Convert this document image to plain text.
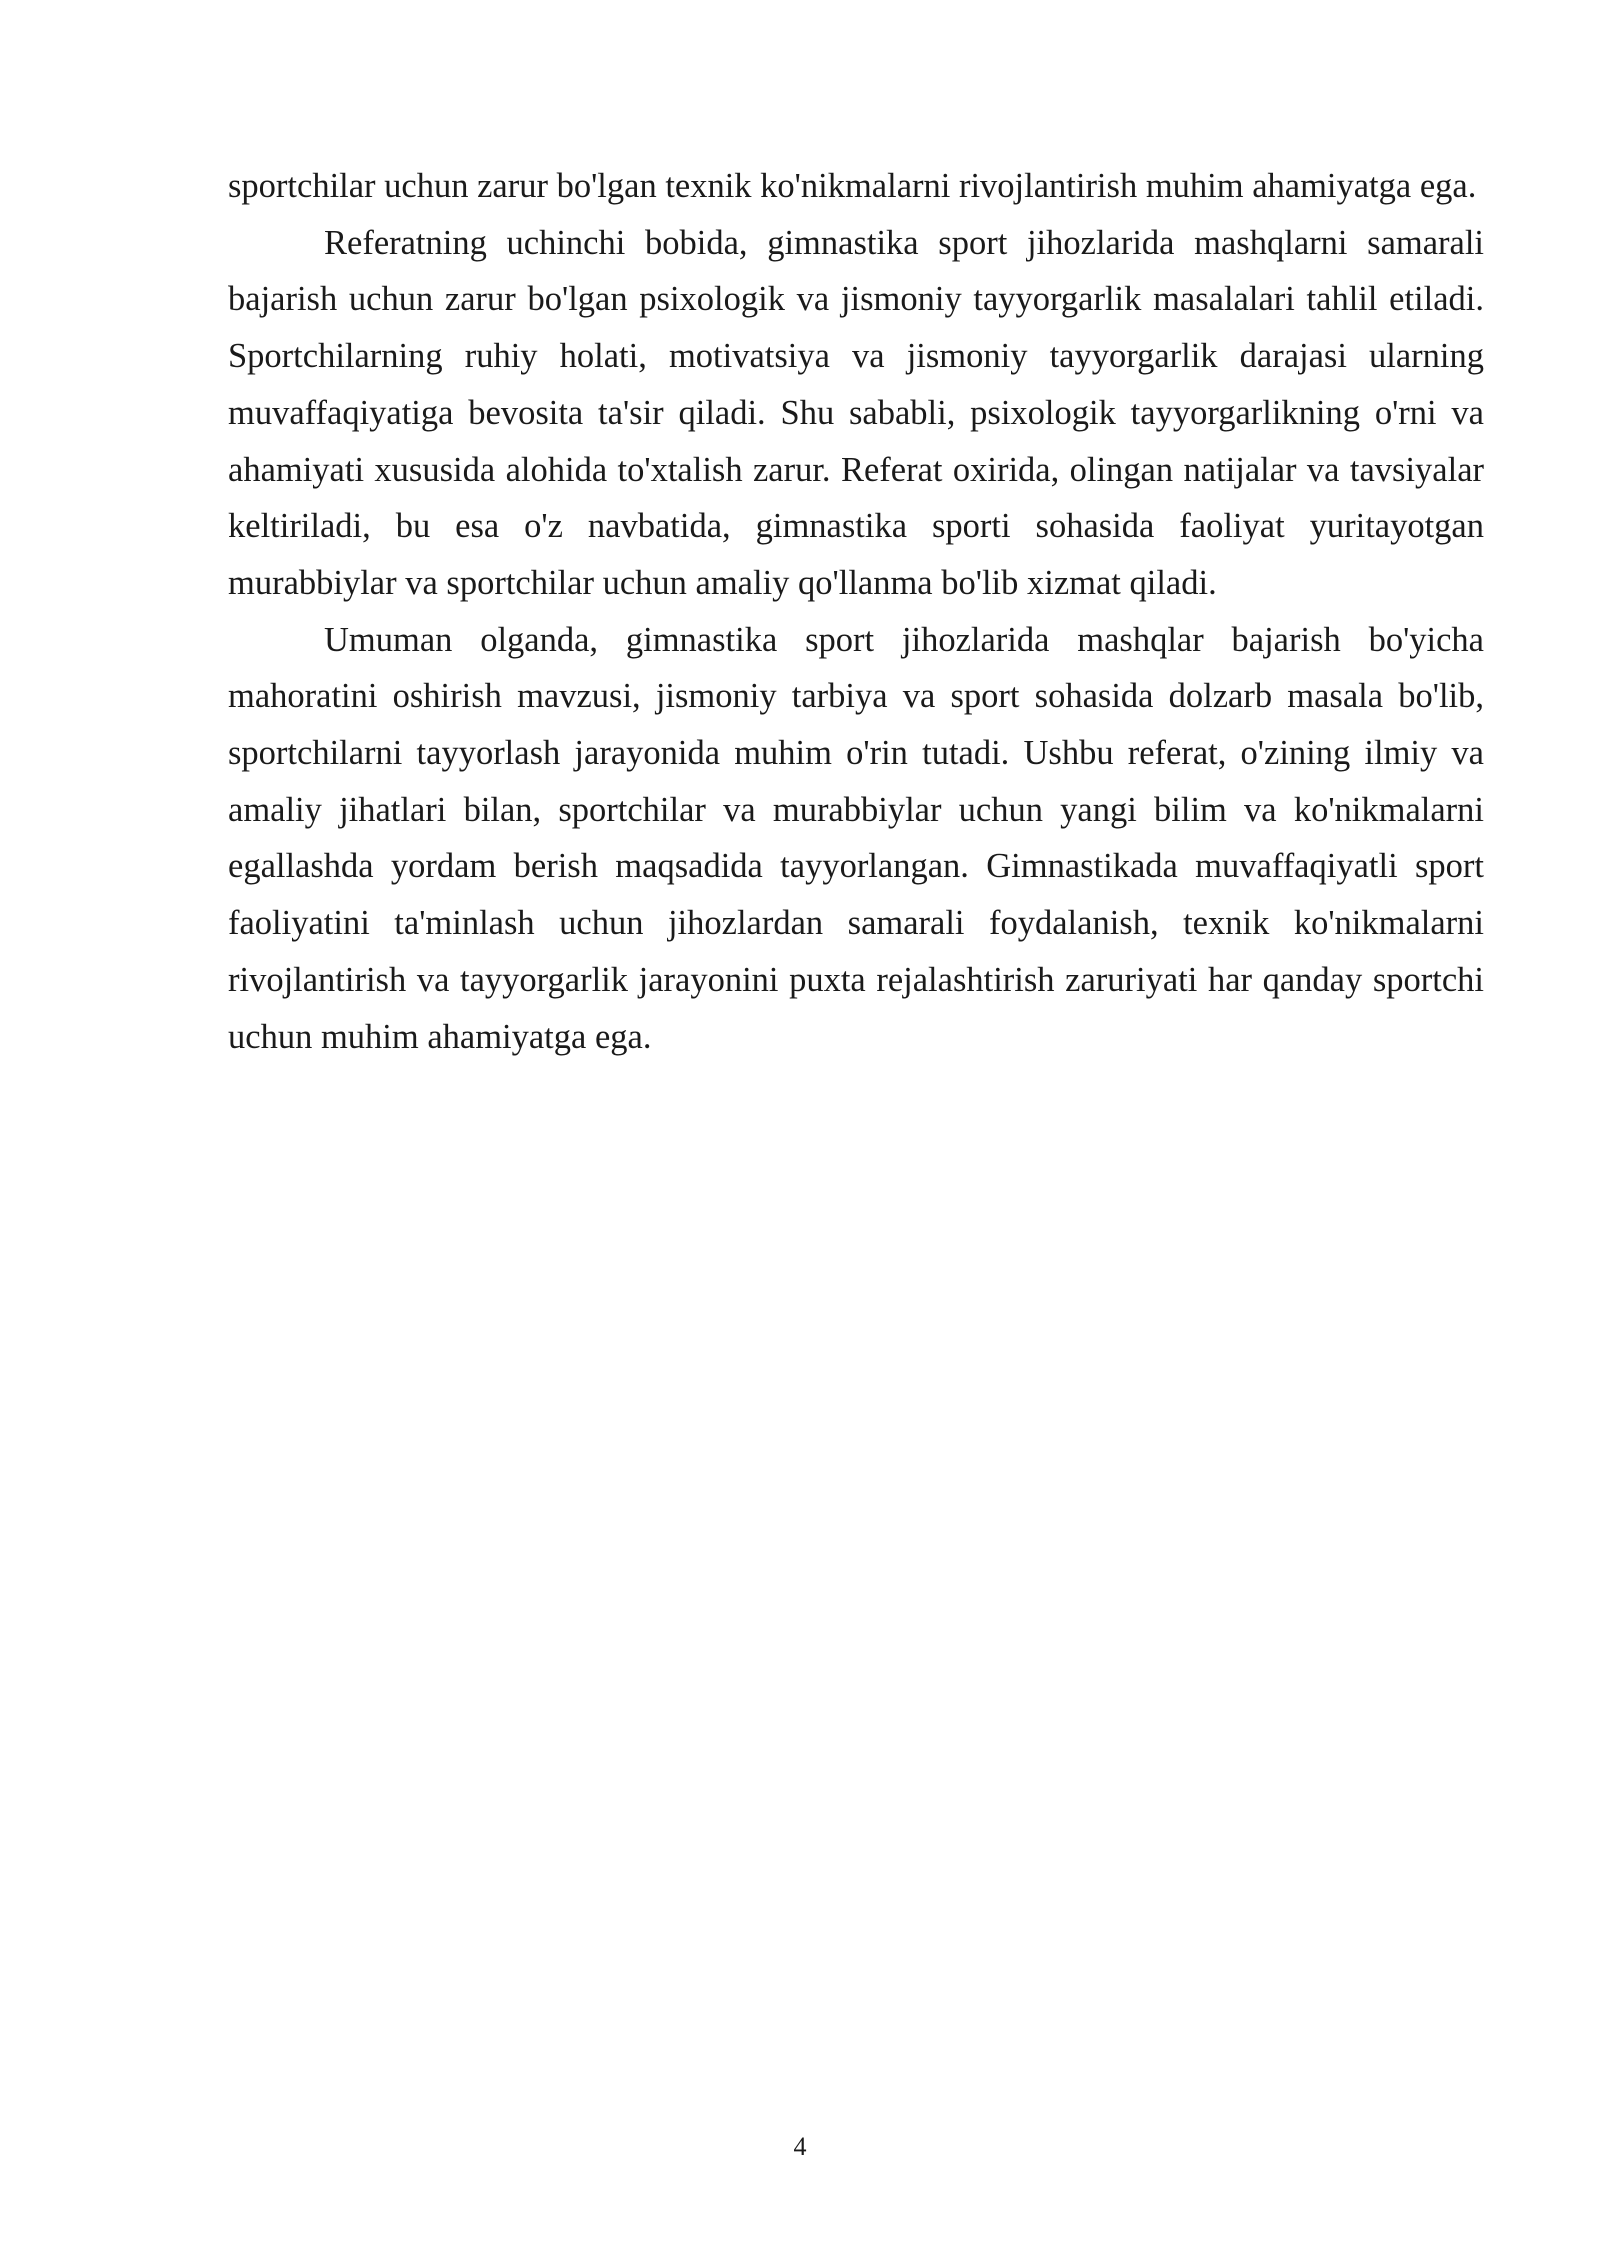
sportchilar uchun zarur bo'lgan texnik ko'nikmalarni rivojlantirish muhim ahamiyatga ega.

Referatning uchinchi bobida, gimnastika sport jihozlarida mashqlarni samarali bajarish uchun zarur bo'lgan psixologik va jismoniy tayyorgarlik masalalari tahlil etiladi. Sportchilarning ruhiy holati, motivatsiya va jismoniy tayyorgarlik darajasi ularning muvaffaqiyatiga bevosita ta'sir qiladi. Shu sababli, psixologik tayyorgarlikning o'rni va ahamiyati xususida alohida to'xtalish zarur. Referat oxirida, olingan natijalar va tavsiyalar keltiriladi, bu esa o'z navbatida, gimnastika sporti sohasida faoliyat yuritayotgan murabbiylar va sportchilar uchun amaliy qo'llanma bo'lib xizmat qiladi.

Umuman olganda, gimnastika sport jihozlarida mashqlar bajarish bo'yicha mahoratini oshirish mavzusi, jismoniy tarbiya va sport sohasida dolzarb masala bo'lib, sportchilarni tayyorlash jarayonida muhim o'rin tutadi. Ushbu referat, o'zining ilmiy va amaliy jihatlari bilan, sportchilar va murabbiylar uchun yangi bilim va ko'nikmalarni egallashda yordam berish maqsadida tayyorlangan. Gimnastikada muvaffaqiyatli sport faoliyatini ta'minlash uchun jihozlardan samarali foydalanish, texnik ko'nikmalarni rivojlantirish va tayyorgarlik jarayonini puxta rejalashtirish zaruriyati har qanday sportchi uchun muhim ahamiyatga ega.

4
